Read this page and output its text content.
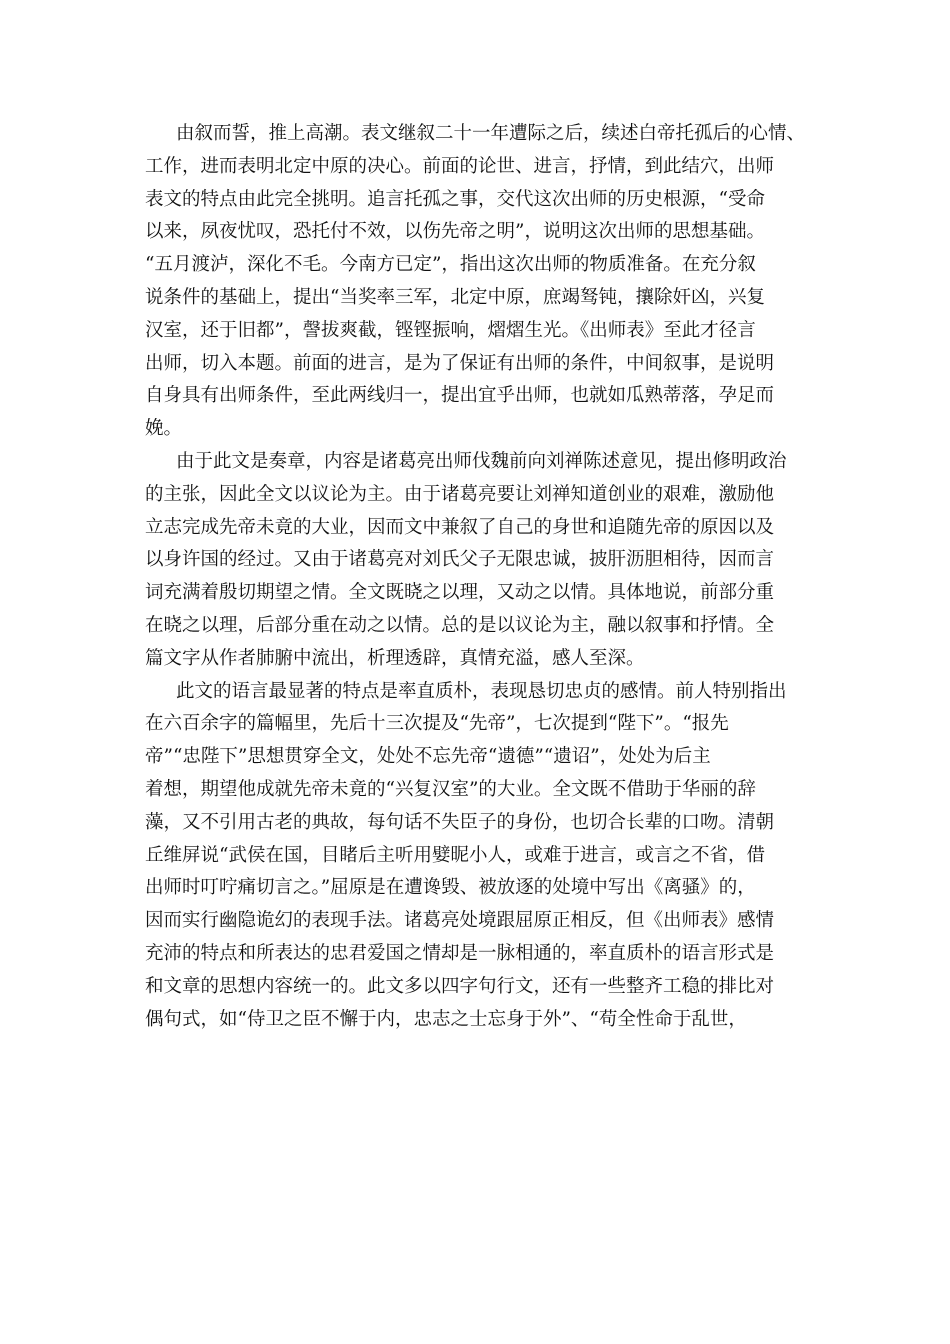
由叙而誓，推上高潮。表文继叙二十一年遭际之后，续述白帝托孤后的心情、
工作，进而表明北定中原的决心。前面的论世、进言，抒情，到此结穴，出师
表文的特点由此完全挑明。追言托孤之事，交代这次出师的历史根源，“受命
以来，夙夜忧叹，恐托付不效，以伤先帝之明”，说明这次出师的思想基础。
“五月渡泸，深化不毛。今南方已定”，指出这次出师的物质准备。在充分叙
说条件的基础上，提出“当奖率三军，北定中原，庶竭驽钝，攘除奸凶，兴复
汉室，还于旧都”，謦拔爽截，铿铿振响，熠熠生光。《出师表》至此才径言
出师，切入本题。前面的进言，是为了保证有出师的条件，中间叙事，是说明
自身具有出师条件，至此两线归一，提出宜乎出师，也就如瓜熟蒂落，孕足而
娩。
由于此文是奏章，内容是诸葛亮出师伐魏前向刘禅陈述意见，提出修明政治
的主张，因此全文以议论为主。由于诸葛亮要让刘禅知道创业的艰难，激励他
立志完成先帝未竟的大业，因而文中兼叙了自己的身世和追随先帝的原因以及
以身许国的经过。又由于诸葛亮对刘氏父子无限忠诚，披肝沥胆相待，因而言
词充满着殷切期望之情。全文既晓之以理，又动之以情。具体地说，前部分重
在晓之以理，后部分重在动之以情。总的是以议论为主，融以叙事和抒情。全
篇文字从作者肺腑中流出，析理透辟，真情充溢，感人至深。
此文的语言最显著的特点是率直质朴，表现恳切忠贞的感情。前人特别指出
在六百余字的篇幅里，先后十三次提及“先帝”，七次提到“陛下”。“报先
帝”“忠陛下”思想贯穿全文，处处不忘先帝“遗德”“遗诏”，处处为后主
着想，期望他成就先帝未竟的“兴复汉室”的大业。全文既不借助于华丽的辞
藻，又不引用古老的典故，每句话不失臣子的身份，也切合长辈的口吻。清朝
丘维屏说“武侯在国，目睹后主听用嬖昵小人，或难于进言，或言之不省，借
出师时叮咛痛切言之。”屈原是在遭谗毁、被放逐的处境中写出《离骚》的，
因而实行幽隐诡幻的表现手法。诸葛亮处境跟屈原正相反，但《出师表》感情
充沛的特点和所表达的忠君爱国之情却是一脉相通的，率直质朴的语言形式是
和文章的思想内容统一的。此文多以四字句行文，还有一些整齐工稳的排比对
偶句式，如“侍卫之臣不懈于内，忠志之士忘身于外”、“苟全性命于乱世，
